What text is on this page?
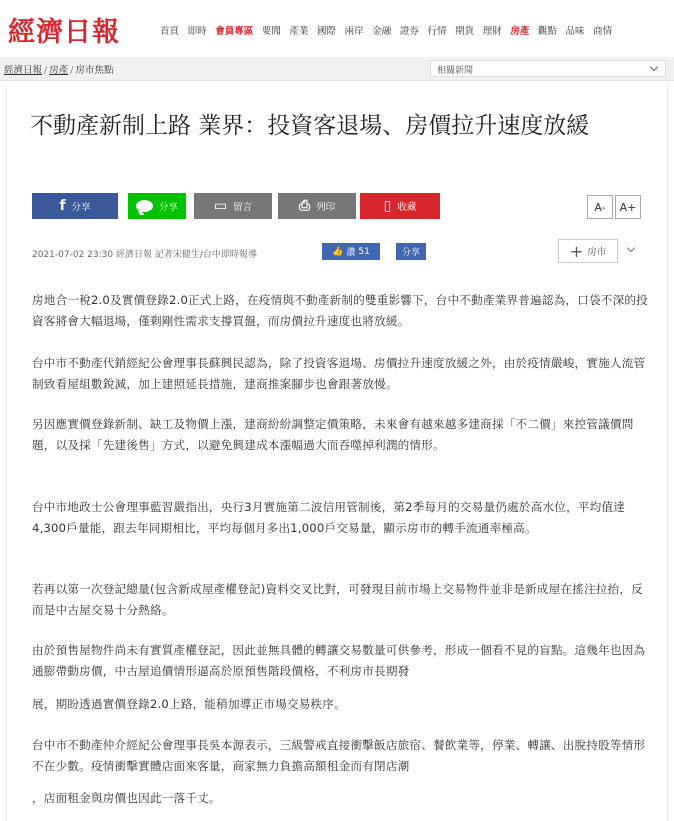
經濟日報	首頁 即時 會員專區 要聞 產業 國際 兩岸 金融 證券 行情 期貨 理財 房產 觀點 品味 商情
經濟日報 / 房產 / 房市焦點	相關新聞
不動產新制上路 業界：投資客退場、房價拉升速度放緩
f 分享	分享	▭ 留言	⎙ 列印	▯ 收藏	A-	A+
2021-07-02 23:30 經濟日報 記者宋健生/台中即時報導	👍 讚 51	分享	+ 房市

房地合一稅2.0及實價登錄2.0正式上路，在疫情與不動產新制的雙重影響下，台中不動產業界普遍認為，口袋不深的投資客將會大幅退場，僅剩剛性需求支撐買盤，而房價拉升速度也將放緩。

台中市不動產代銷經紀公會理事長蘇興民認為，除了投資客退場、房價拉升速度放緩之外，由於疫情嚴峻，實施人流管制致看屋組數銳減，加上建照延長措施，建商推案腳步也會跟著放慢。

另因應實價登錄新制、缺工及物價上漲，建商紛紛調整定價策略，未來會有越來越多建商採「不二價」來控管議價問題，以及採「先建後售」方式，以避免興建成本漲幅過大而吞噬掉利潤的情形。

台中市地政士公會理事藍習嚴指出，央行3月實施第二波信用管制後，第2季每月的交易量仍處於高水位，平均值達4,300戶量能，跟去年同期相比，平均每個月多出1,000戶交易量，顯示房市的轉手流通率極高。

若再以第一次登記總量(包含新成屋產權登記)資料交叉比對，可發現目前市場上交易物件並非是新成屋在搖注拉抬，反而是中古屋交易十分熱絡。

由於預售屋物件尚未有實質產權登記，因此並無具體的轉讓交易數量可供參考，形成一個看不見的盲點。這幾年也因為通膨帶動房價，中古屋追價情形逼高於原預售階段價格，不利房市長期發

展，期盼透過實價登錄2.0上路，能稍加導正市場交易秩序。

台中市不動產仲介經紀公會理事長吳本源表示，三級警戒直接衝擊飯店旅宿、餐飲業等，停業、轉讓、出脫持股等情形不在少數。疫情衝擊實體店面來客量，商家無力負擔高額租金而有閉店潮

，店面租金與房價也因此一落千丈。
